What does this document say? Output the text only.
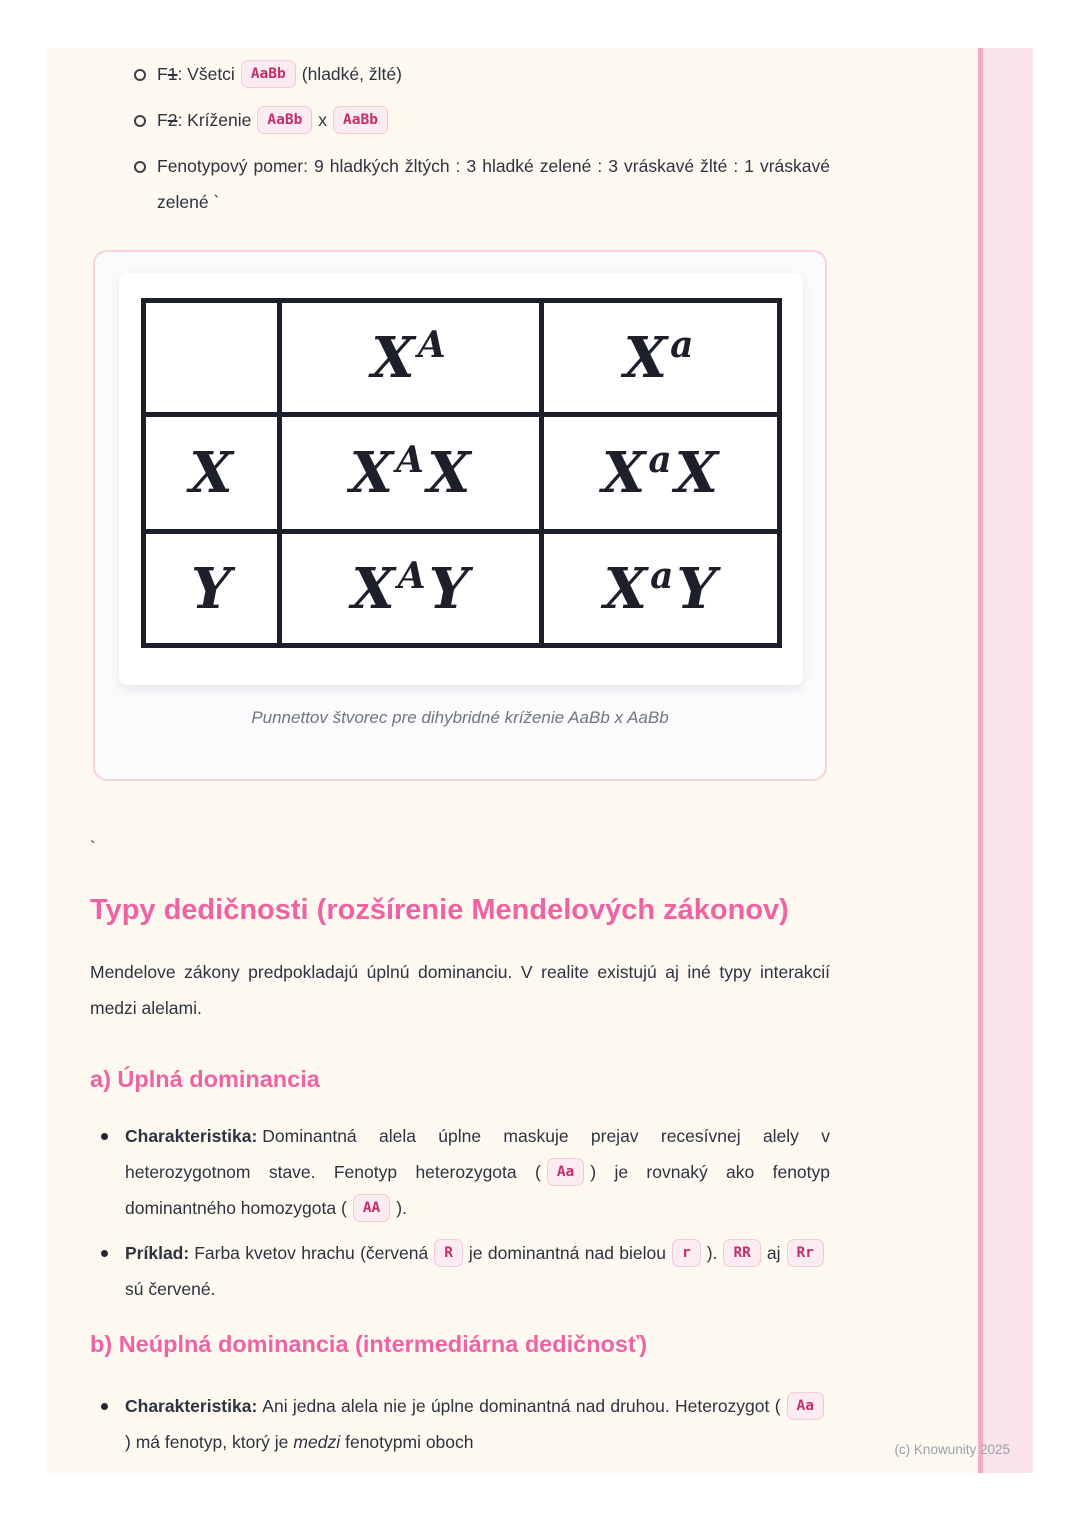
F1: Všetci AaBb (hladké, žlté)
F2: Kríženie AaBb x AaBb
Fenotypový pomer: 9 hladkých žltých : 3 hladké zelené : 3 vráskavé žlté : 1 vráskavé zelené `
	$X^A$	$X^a$
X	$X^AX$	$X^aX$
Y	$X^AY$	$X^aY$
Punnettov štvorec pre dihybridné kríženie AaBb x AaBb
`
Typy dedičnosti (rozšírenie Mendelových zákonov)

Mendelove zákony predpokladajú úplnú dominanciu. V realite existujú aj iné typy interakcií medzi alelami.

a) Úplná dominancia
Charakteristika: Dominantná alela úplne maskuje prejav recesívnej alely v heterozygotnom stave. Fenotyp heterozygota ( Aa ) je rovnaký ako fenotyp dominantného homozygota ( AA ).
Príklad: Farba kvetov hrachu (červená R je dominantná nad bielou r ). RR aj Rrsú červené.
b) Neúplná dominancia (intermediárna dedičnosť)
Charakteristika: Ani jedna alela nie je úplne dominantná nad druhou. Heterozygot ( Aa) má fenotyp, ktorý je medzi fenotypmi oboch	(c) Knowunity 2025
